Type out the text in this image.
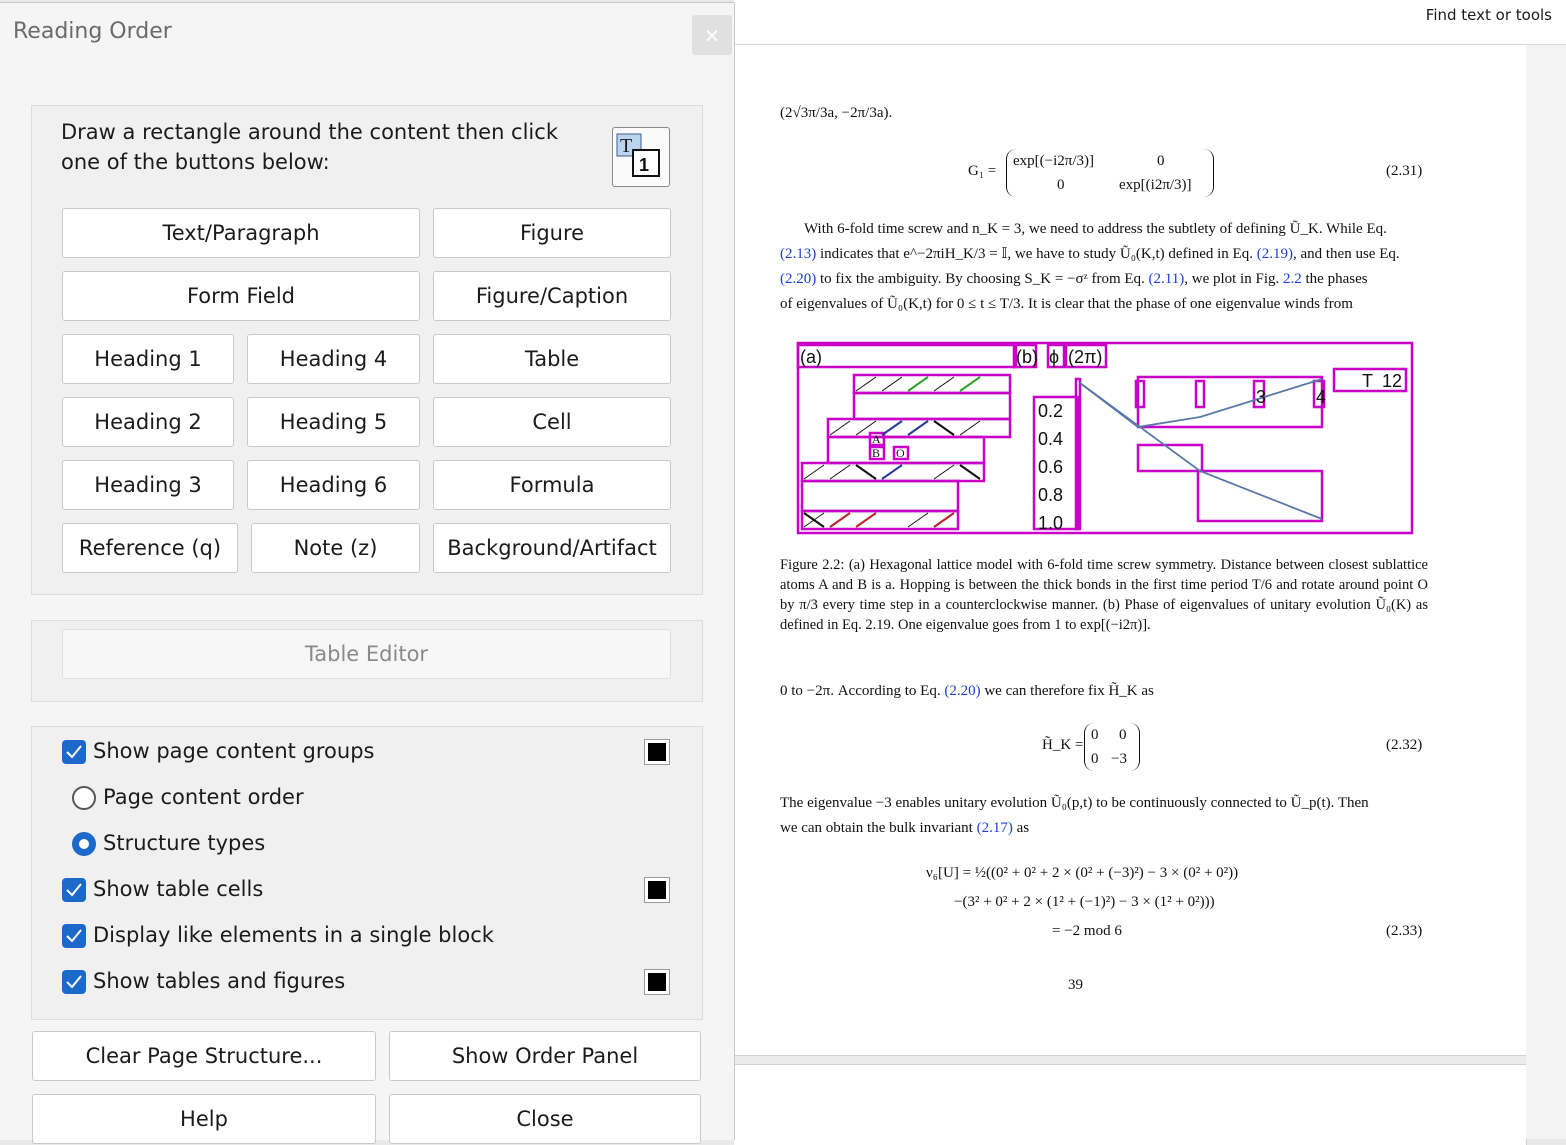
Find text or tools
(2√3π/3a, −2π/3a).
G₁ =
exp[(−i2π/3)]	0
0	exp[(i2π/3)]
(2.31)
With 6-fold time screw and n_K = 3, we need to address the subtlety of defining Ũ_K. While Eq.
(2.13) indicates that e^−2πiH_K/3 = 𝕀, we have to study Ũ₀(K,t) defined in Eq. (2.19), and then use Eq.
(2.20) to fix the ambiguity. By choosing S_K = −σᶻ from Eq. (2.11), we plot in Fig. 2.2 the phases
of eigenvalues of Ũ₀(K,t) for 0 ≤ t ≤ T/3. It is clear that the phase of one eigenvalue winds from
(a)	(b) ϕ (2π)
0.2
0.4
0.6
0.8
1.0
3	4
T 12
A
O
B
Figure 2.2: (a) Hexagonal lattice model with 6-fold time screw symmetry. Distance between closest sublattice atoms A and B is a. Hopping is between the thick bonds in the first time period T/6 and rotate around point O by π/3 every time step in a counterclockwise manner. (b) Phase of eigenvalues of unitary evolution Ũ₀(K) as defined in Eq. 2.19. One eigenvalue goes from 1 to exp[(−i2π)].
0 to −2π. According to Eq. (2.20) we can therefore fix H̃_K as
H̃_K =
0 0
0 −3
(2.32)
The eigenvalue −3 enables unitary evolution Ũ₀(p,t) to be continuously connected to Ũ_p(t). Then
we can obtain the bulk invariant (2.17) as
ν₆[U] = ½((0² + 0² + 2 × (0² + (−3)²) − 3 × (0² + 0²))
−(3² + 0² + 2 × (1² + (−1)²) − 3 × (1² + 0²)))
= −2 mod 6	(2.33)
39
Reading Order	×
Draw a rectangle around the content then click one of the buttons below:
T
1
Text/Paragraph	Figure
Form Field	Figure/Caption
Heading 1	Heading 4	Table
Heading 2	Heading 5	Cell
Heading 3	Heading 6	Formula
Reference (q)	Note (z)	Background/Artifact
Table Editor
Show page content groups
Page content order
Structure types
Show table cells
Display like elements in a single block
Show tables and figures
Clear Page Structure...	Show Order Panel
Help	Close
